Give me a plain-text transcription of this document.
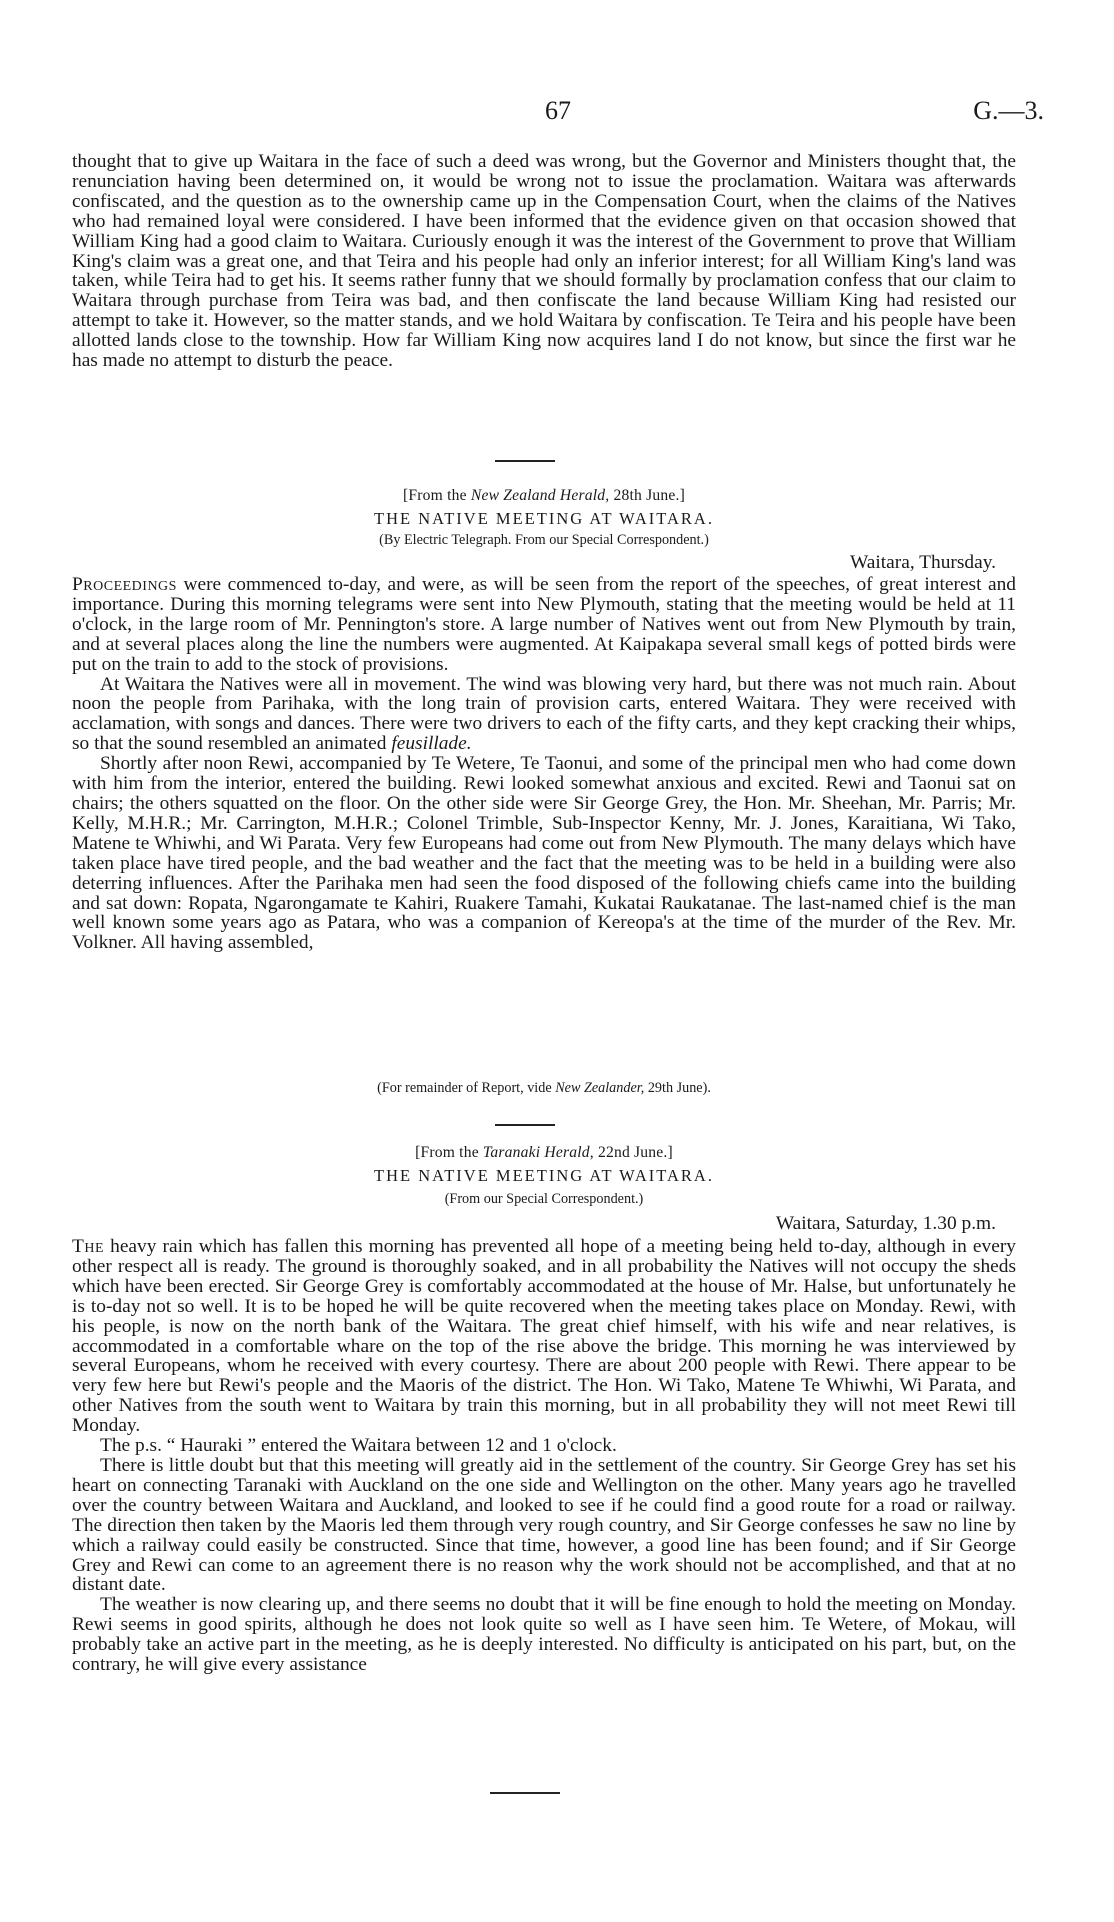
67	G.—3.

thought that to give up Waitara in the face of such a deed was wrong, but the Governor and Ministers thought that, the renunciation having been determined on, it would be wrong not to issue the proclamation. Waitara was afterwards confiscated, and the question as to the ownership came up in the Compensation Court, when the claims of the Natives who had remained loyal were considered. I have been informed that the evidence given on that occasion showed that William King had a good claim to Waitara. Curiously enough it was the interest of the Government to prove that William King's claim was a great one, and that Teira and his people had only an inferior interest; for all William King's land was taken, while Teira had to get his. It seems rather funny that we should formally by proclamation confess that our claim to Waitara through purchase from Teira was bad, and then confiscate the land because William King had resisted our attempt to take it. However, so the matter stands, and we hold Waitara by confiscation. Te Teira and his people have been allotted lands close to the township. How far William King now acquires land I do not know, but since the first war he has made no attempt to disturb the peace.

[From the New Zealand Herald, 28th June.]
THE NATIVE MEETING AT WAITARA.
(By Electric Telegraph. From our Special Correspondent.)
Waitara, Thursday.

Proceedings were commenced to-day, and were, as will be seen from the report of the speeches, of great interest and importance. During this morning telegrams were sent into New Plymouth, stating that the meeting would be held at 11 o'clock, in the large room of Mr. Pennington's store. A large number of Natives went out from New Plymouth by train, and at several places along the line the numbers were augmented. At Kaipakapa several small kegs of potted birds were put on the train to add to the stock of provisions.

At Waitara the Natives were all in movement. The wind was blowing very hard, but there was not much rain. About noon the people from Parihaka, with the long train of provision carts, entered Waitara. They were received with acclamation, with songs and dances. There were two drivers to each of the fifty carts, and they kept cracking their whips, so that the sound resembled an animated feusillade.

Shortly after noon Rewi, accompanied by Te Wetere, Te Taonui, and some of the principal men who had come down with him from the interior, entered the building. Rewi looked somewhat anxious and excited. Rewi and Taonui sat on chairs; the others squatted on the floor. On the other side were Sir George Grey, the Hon. Mr. Sheehan, Mr. Parris; Mr. Kelly, M.H.R.; Mr. Carrington, M.H.R.; Colonel Trimble, Sub-Inspector Kenny, Mr. J. Jones, Karaitiana, Wi Tako, Matene te Whiwhi, and Wi Parata. Very few Europeans had come out from New Plymouth. The many delays which have taken place have tired people, and the bad weather and the fact that the meeting was to be held in a building were also deterring influences. After the Parihaka men had seen the food disposed of the following chiefs came into the building and sat down: Ropata, Ngarongamate te Kahiri, Ruakere Tamahi, Kukatai Raukatanae. The last-named chief is the man well known some years ago as Patara, who was a companion of Kereopa's at the time of the murder of the Rev. Mr. Volkner. All having assembled,

(For remainder of Report, vide New Zealander, 29th June).
[From the Taranaki Herald, 22nd June.]
THE NATIVE MEETING AT WAITARA.
(From our Special Correspondent.)
Waitara, Saturday, 1.30 p.m.

The heavy rain which has fallen this morning has prevented all hope of a meeting being held to-day, although in every other respect all is ready. The ground is thoroughly soaked, and in all probability the Natives will not occupy the sheds which have been erected. Sir George Grey is comfortably accommodated at the house of Mr. Halse, but unfortunately he is to-day not so well. It is to be hoped he will be quite recovered when the meeting takes place on Monday. Rewi, with his people, is now on the north bank of the Waitara. The great chief himself, with his wife and near relatives, is accommodated in a comfortable whare on the top of the rise above the bridge. This morning he was interviewed by several Europeans, whom he received with every courtesy. There are about 200 people with Rewi. There appear to be very few here but Rewi's people and the Maoris of the district. The Hon. Wi Tako, Matene Te Whiwhi, Wi Parata, and other Natives from the south went to Waitara by train this morning, but in all probability they will not meet Rewi till Monday.

The p.s. “ Hauraki ” entered the Waitara between 12 and 1 o'clock.

There is little doubt but that this meeting will greatly aid in the settlement of the country. Sir George Grey has set his heart on connecting Taranaki with Auckland on the one side and Wellington on the other. Many years ago he travelled over the country between Waitara and Auckland, and looked to see if he could find a good route for a road or railway. The direction then taken by the Maoris led them through very rough country, and Sir George confesses he saw no line by which a railway could easily be constructed. Since that time, however, a good line has been found; and if Sir George Grey and Rewi can come to an agreement there is no reason why the work should not be accomplished, and that at no distant date.

The weather is now clearing up, and there seems no doubt that it will be fine enough to hold the meeting on Monday. Rewi seems in good spirits, although he does not look quite so well as I have seen him. Te Wetere, of Mokau, will probably take an active part in the meeting, as he is deeply interested. No difficulty is anticipated on his part, but, on the contrary, he will give every assistance
